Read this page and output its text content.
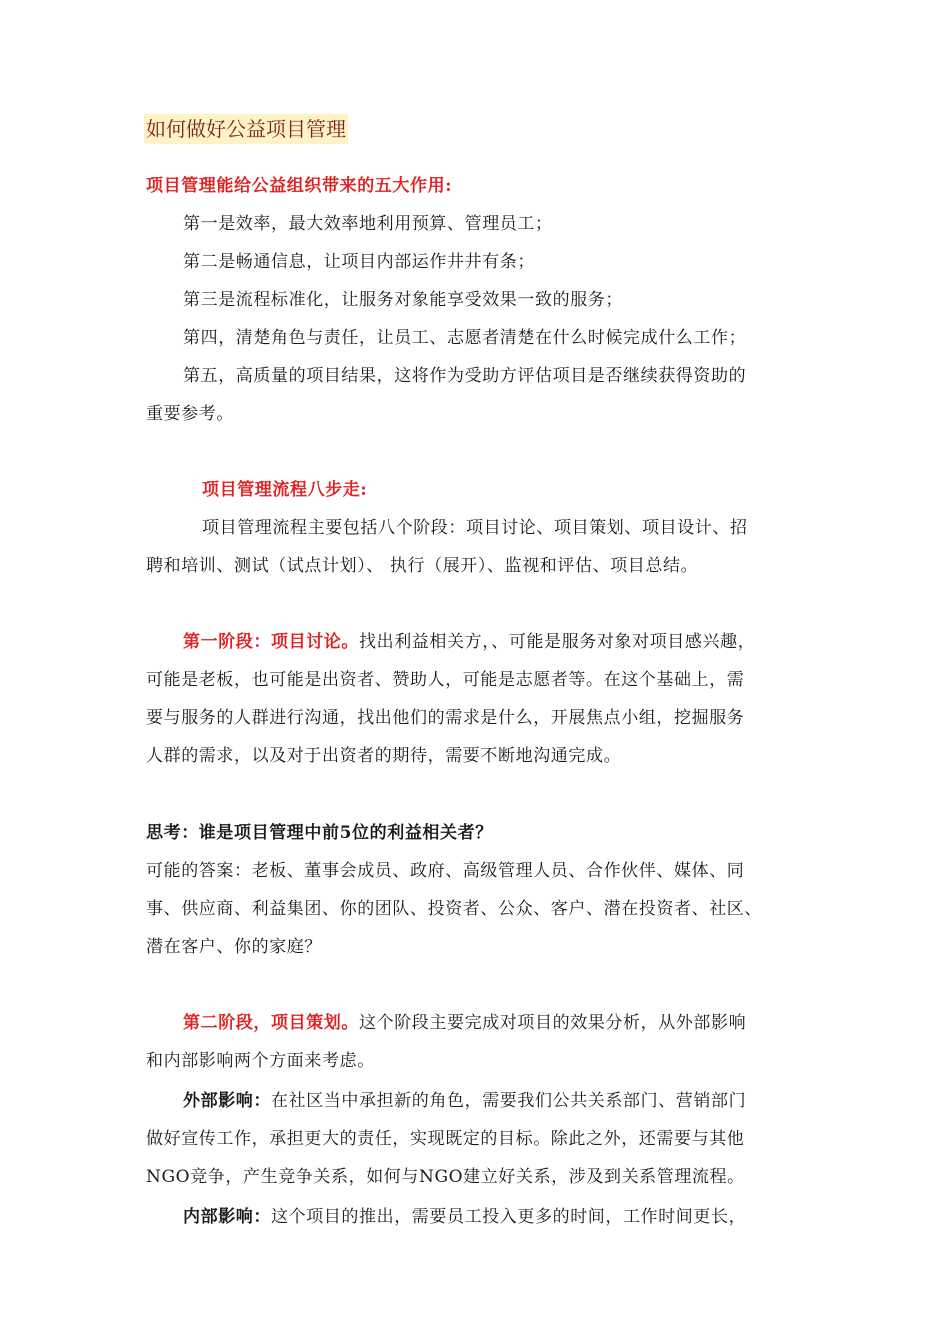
如何做好公益项目管理
项目管理能给公益组织带来的五大作用:
第一是效率，最大效率地利用预算、管理员工；
第二是畅通信息，让项目内部运作井井有条；
第三是流程标准化，让服务对象能享受效果一致的服务；
第四，清楚角色与责任，让员工、志愿者清楚在什么时候完成什么工作；
第五，高质量的项目结果，这将作为受助方评估项目是否继续获得资助的
重要参考。
项目管理流程八步走:
项目管理流程主要包括八个阶段：项目讨论、项目策划、项目设计、招
聘和培训、测试（试点计划）、 执行（展开）、监视和评估、项目总结。
第一阶段：项目讨论。找出利益相关方，、可能是服务对象对项目感兴趣，
可能是老板，也可能是出资者、赞助人，可能是志愿者等。在这个基础上，需
要与服务的人群进行沟通，找出他们的需求是什么，开展焦点小组，挖掘服务
人群的需求，以及对于出资者的期待，需要不断地沟通完成。
思考：谁是项目管理中前5位的利益相关者？
可能的答案：老板、董事会成员、政府、高级管理人员、合作伙伴、媒体、同
事、供应商、利益集团、你的团队、投资者、公众、客户、潜在投资者、社区、
潜在客户、你的家庭？
第二阶段，项目策划。这个阶段主要完成对项目的效果分析，从外部影响
和内部影响两个方面来考虑。
外部影响：在社区当中承担新的角色，需要我们公共关系部门、营销部门
做好宣传工作，承担更大的责任，实现既定的目标。除此之外，还需要与其他
NGO竞争，产生竞争关系，如何与NGO建立好关系，涉及到关系管理流程。
内部影响：这个项目的推出，需要员工投入更多的时间，工作时间更长，
